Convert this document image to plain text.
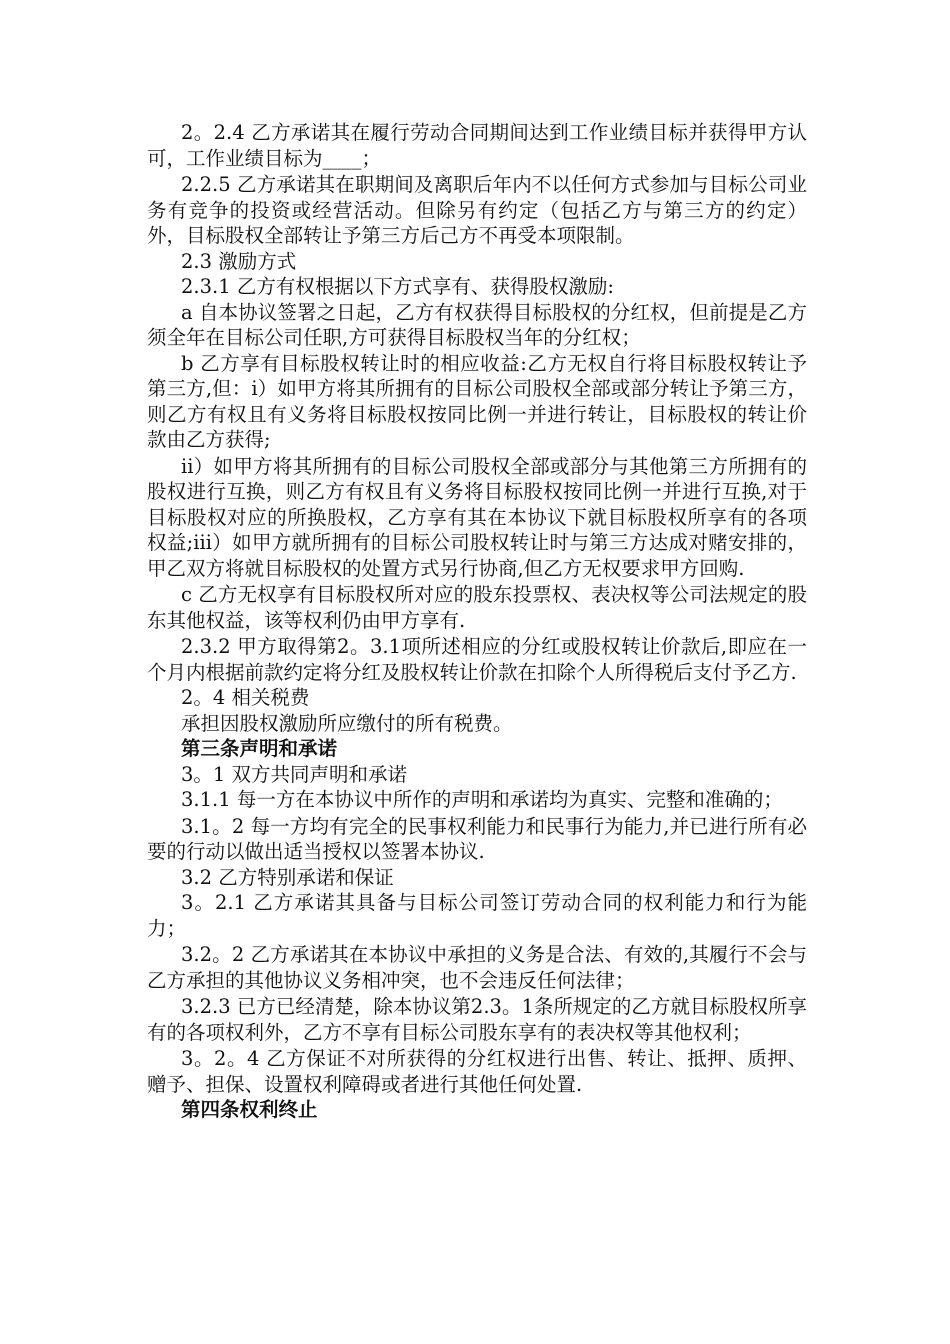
2。2.4 乙方承诺其在履行劳动合同期间达到工作业绩目标并获得甲方认可，工作业绩目标为____；

2.2.5 乙方承诺其在职期间及离职后年内不以任何方式参加与目标公司业务有竞争的投资或经营活动。但除另有约定（包括乙方与第三方的约定）外，目标股权全部转让予第三方后己方不再受本项限制。

2.3 激励方式

2.3.1 乙方有权根据以下方式享有、获得股权激励:

a 自本协议签署之日起，乙方有权获得目标股权的分红权，但前提是乙方须全年在目标公司任职,方可获得目标股权当年的分红权；

b 乙方享有目标股权转让时的相应收益:乙方无权自行将目标股权转让予第三方,但：i）如甲方将其所拥有的目标公司股权全部或部分转让予第三方，则乙方有权且有义务将目标股权按同比例一并进行转让，目标股权的转让价款由乙方获得;

ii）如甲方将其所拥有的目标公司股权全部或部分与其他第三方所拥有的股权进行互换，则乙方有权且有义务将目标股权按同比例一并进行互换,对于目标股权对应的所换股权，乙方享有其在本协议下就目标股权所享有的各项权益;iii）如甲方就所拥有的目标公司股权转让时与第三方达成对赌安排的，甲乙双方将就目标股权的处置方式另行协商,但乙方无权要求甲方回购.

c 乙方无权享有目标股权所对应的股东投票权、表决权等公司法规定的股东其他权益，该等权利仍由甲方享有.

2.3.2 甲方取得第2。3.1项所述相应的分红或股权转让价款后,即应在一个月内根据前款约定将分红及股权转让价款在扣除个人所得税后支付予乙方.

2。4 相关税费

承担因股权激励所应缴付的所有税费。

第三条声明和承诺

3。1 双方共同声明和承诺

3.1.1 每一方在本协议中所作的声明和承诺均为真实、完整和准确的；

3.1。2 每一方均有完全的民事权利能力和民事行为能力,并已进行所有必要的行动以做出适当授权以签署本协议.

3.2 乙方特别承诺和保证

3。2.1 乙方承诺其具备与目标公司签订劳动合同的权利能力和行为能力；

3.2。2 乙方承诺其在本协议中承担的义务是合法、有效的,其履行不会与乙方承担的其他协议义务相冲突，也不会违反任何法律；

3.2.3 已方已经清楚，除本协议第2.3。1条所规定的乙方就目标股权所享有的各项权利外，乙方不享有目标公司股东享有的表决权等其他权利；

3。2。4 乙方保证不对所获得的分红权进行出售、转让、抵押、质押、赠予、担保、设置权利障碍或者进行其他任何处置.

第四条权利终止
